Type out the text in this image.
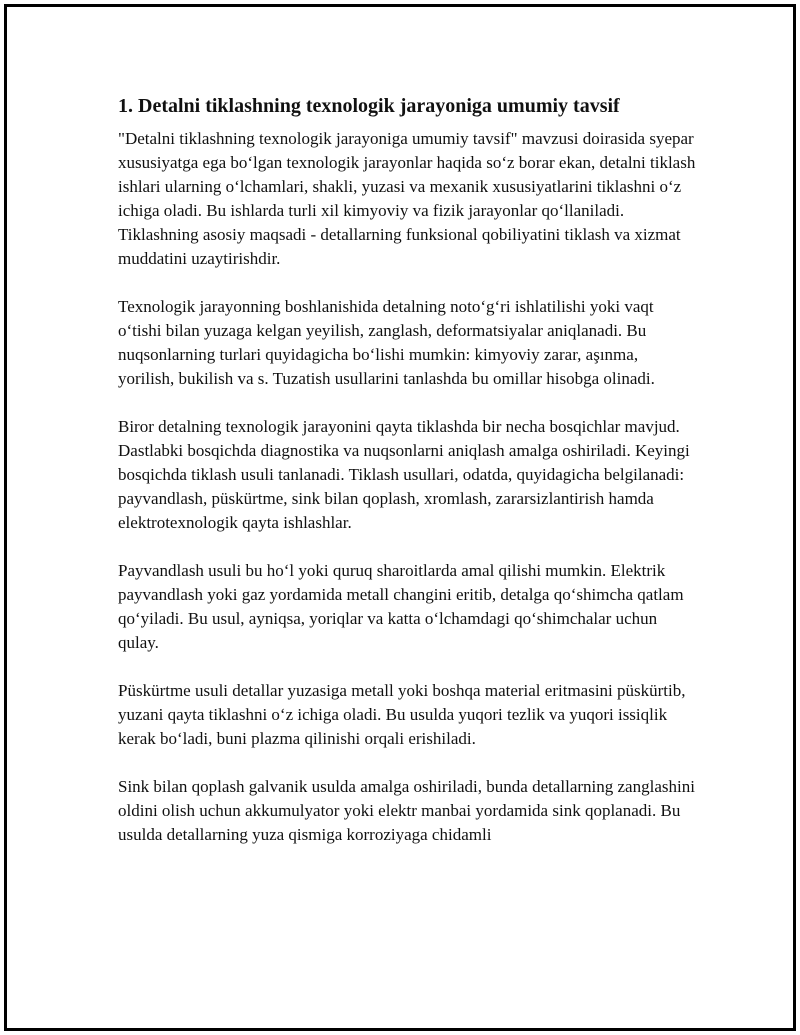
1. Detalni tiklashning texnologik jarayoniga umumiy tavsif

"Detalni tiklashning texnologik jarayoniga umumiy tavsif" mavzusi doirasida syepar xususiyatga ega bo‘lgan texnologik jarayonlar haqida so‘z borar ekan, detalni tiklash ishlari ularning o‘lchamlari, shakli, yuzasi va mexanik xususiyatlarini tiklashni o‘z ichiga oladi. Bu ishlarda turli xil kimyoviy va fizik jarayonlar qo‘llaniladi. Tiklashning asosiy maqsadi - detallarning funksional qobiliyatini tiklash va xizmat muddatini uzaytirishdir.

Texnologik jarayonning boshlanishida detalning noto‘g‘ri ishlatilishi yoki vaqt o‘tishi bilan yuzaga kelgan yeyilish, zanglash, deformatsiyalar aniqlanadi. Bu nuqsonlarning turlari quyidagicha bo‘lishi mumkin: kimyoviy zarar, aşınma, yorilish, bukilish va s. Tuzatish usullarini tanlashda bu omillar hisobga olinadi.

Biror detalning texnologik jarayonini qayta tiklashda bir necha bosqichlar mavjud. Dastlabki bosqichda diagnostika va nuqsonlarni aniqlash amalga oshiriladi. Keyingi bosqichda tiklash usuli tanlanadi. Tiklash usullari, odatda, quyidagicha belgilanadi: payvandlash, püskürtme, sink bilan qoplash, xromlash, zararsizlantirish hamda elektrotexnologik qayta ishlashlar.

Payvandlash usuli bu ho‘l yoki quruq sharoitlarda amal qilishi mumkin. Elektrik payvandlash yoki gaz yordamida metall changini eritib, detalga qo‘shimcha qatlam qo‘yiladi. Bu usul, ayniqsa, yoriqlar va katta o‘lchamdagi qo‘shimchalar uchun qulay.

Püskürtme usuli detallar yuzasiga metall yoki boshqa material eritmasini püskürtib, yuzani qayta tiklashni o‘z ichiga oladi. Bu usulda yuqori tezlik va yuqori issiqlik kerak bo‘ladi, buni plazma qilinishi orqali erishiladi.

Sink bilan qoplash galvanik usulda amalga oshiriladi, bunda detallarning zanglashini oldini olish uchun akkumulyator yoki elektr manbai yordamida sink qoplanadi. Bu usulda detallarning yuza qismiga korroziyaga chidamli
